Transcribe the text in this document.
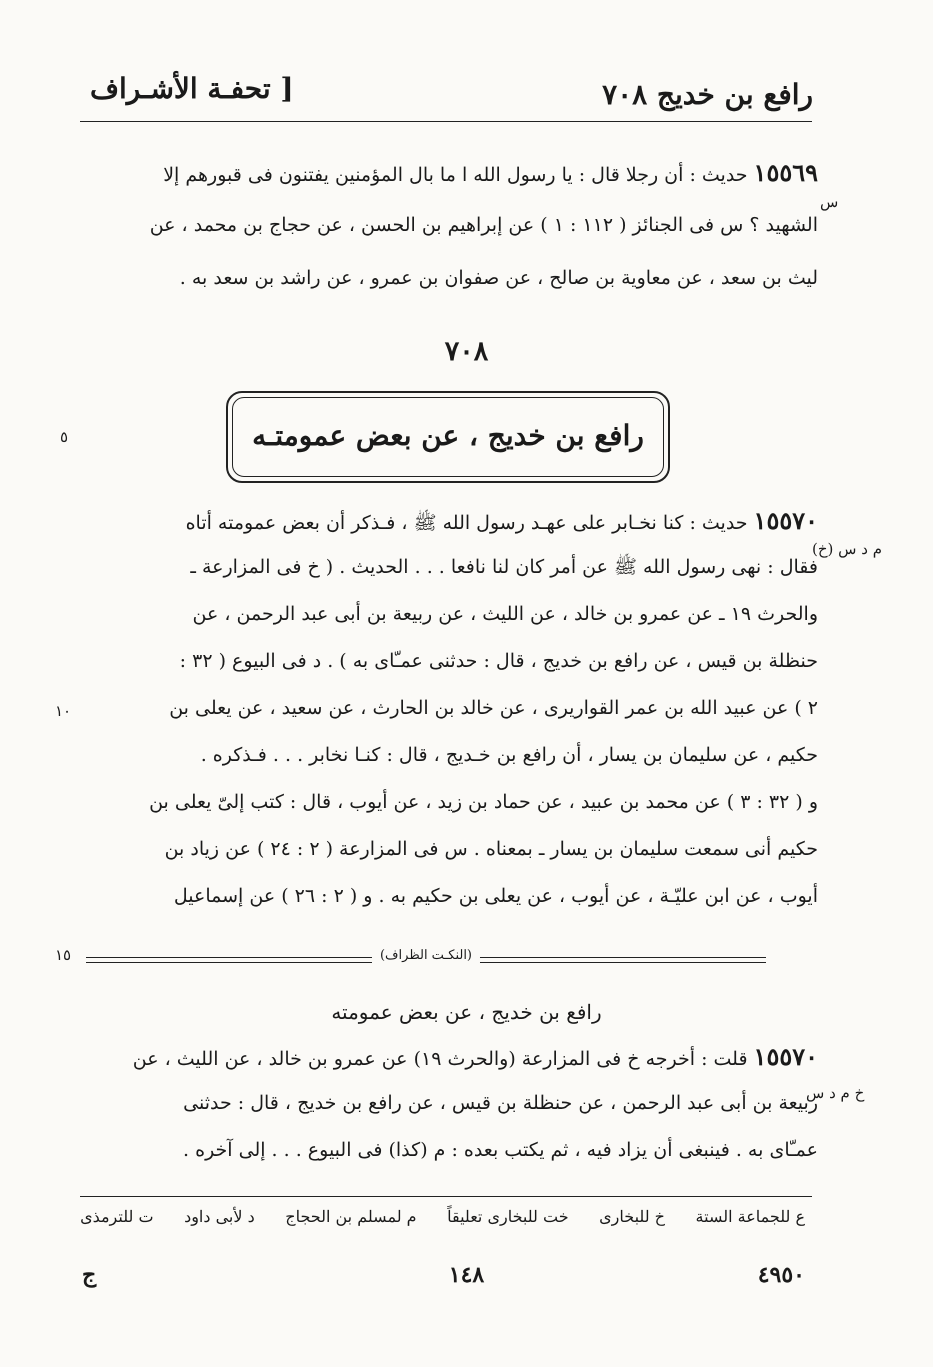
رافع بن خديج ٧٠٨
[ تحفـة الأشـراف
١٥٥٦٩حديث : أن رجلا قال : يا رسول الله ا ما بال المؤمنين يفتنون فى قبورهم إلا
الشهيد ؟ س فى الجنائز ( ١١٢ : ١ ) عن إبراهيم بن الحسن ، عن حجاج بن محمد ، عن
ليث بن سعد ، عن معاوية بن صالح ، عن صفوان بن عمرو ، عن راشد بن سعد به .
س
٧٠٨
رافع بن خديج ، عن بعض عمومتـه
٥
١٥٥٧٠حديث : كنا نخـابر على عهـد رسول الله ﷺ ، فـذكر أن بعض عمومته أتاه
فقال : نهى رسول الله ﷺ عن أمر كان لنا نافعا . . . الحديث . ( خ فى المزارعة ـ
والحرث ١٩ ـ عن عمرو بن خالد ، عن الليث ، عن ربيعة بن أبى عبد الرحمن ، عن
حنظلة بن قيس ، عن رافع بن خديج ، قال : حدثنى عمـّاى به ) . د فى البيوع ( ٣٢ :
٢ ) عن عبيد الله بن عمر القواريرى ، عن خالد بن الحارث ، عن سعيد ، عن يعلى بن
حكيم ، عن سليمان بن يسار ، أن رافع بن خـديج ، قال : كنـا نخابر . . . فـذكره .
و ( ٣٢ : ٣ ) عن محمد بن عبيد ، عن حماد بن زيد ، عن أيوب ، قال : كتب إلىّ يعلى بن
حكيم أنى سمعت سليمان بن يسار ـ بمعناه . س فى المزارعة ( ٢ : ٢٤ ) عن زياد بن
أيوب ، عن ابن عليّـة ، عن أيوب ، عن يعلى بن حكيم به . و ( ٢ : ٢٦ ) عن إسماعيل
(خ) م د س
١٠
(النكـت الظراف)
١٥
رافع بن خديج ، عن بعض عمومته
١٥٥٧٠قلت : أخرجه خ فى المزارعة (والحرث ١٩) عن عمرو بن خالد ، عن الليث ، عن
ربيعة بن أبى عبد الرحمن ، عن حنظلة بن قيس ، عن رافع بن خديج ، قال : حدثنى
عمـّاى به . فينبغى أن يزاد فيه ، ثم يكتب بعده : م (كذا) فى البيوع . . . إلى آخره .
خ م د س
ع للجماعة الستة
خ للبخارى
خت للبخارى تعليقاً
م لمسلم بن الحجاج
د لأبى داود
ت للترمذى
٤٩٥٠
١٤٨
ج
